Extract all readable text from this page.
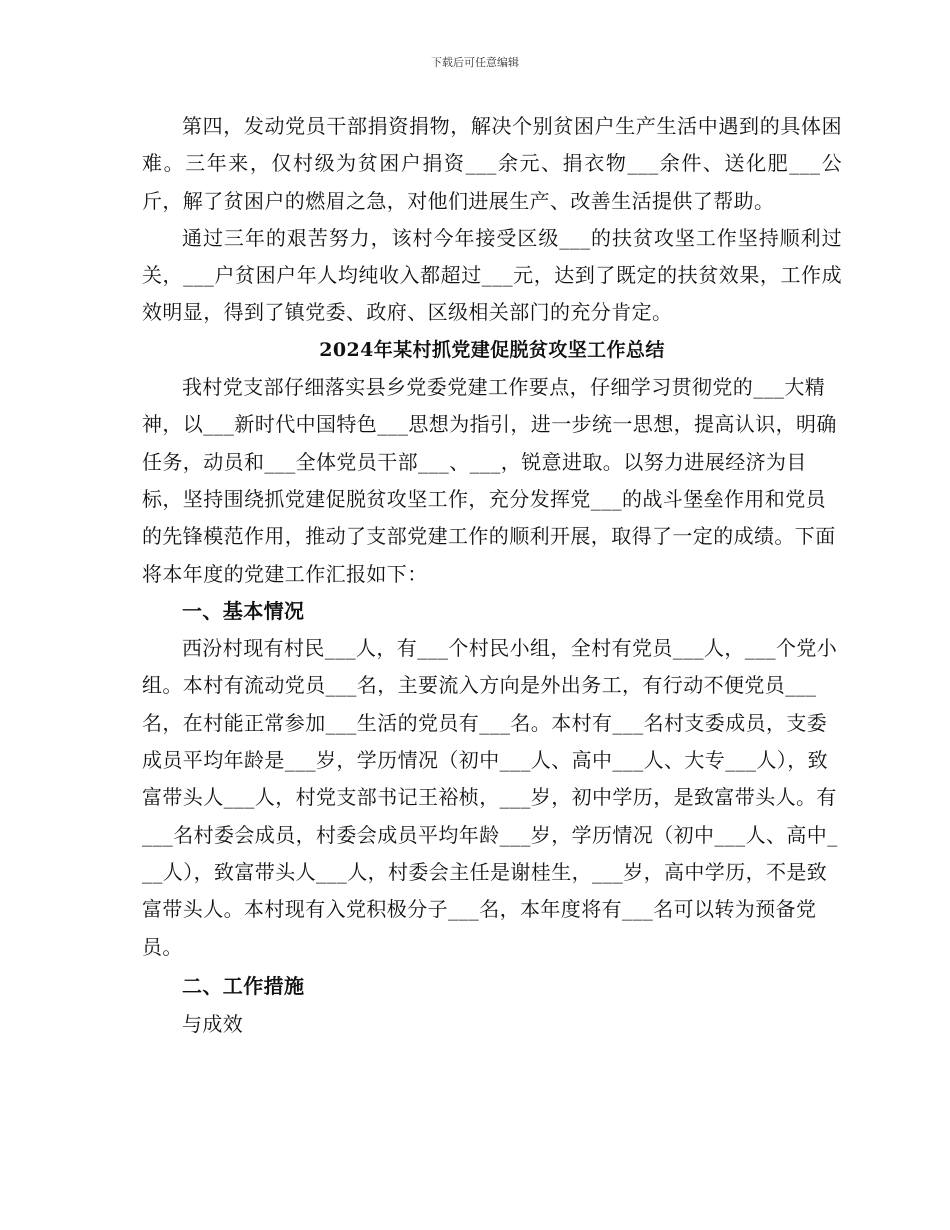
下载后可任意编辑

第四，发动党员干部捐资捐物，解决个别贫困户生产生活中遇到的具体困难。三年来，仅村级为贫困户捐资___余元、捐衣物___余件、送化肥___公斤，解了贫困户的燃眉之急，对他们进展生产、改善生活提供了帮助。

通过三年的艰苦努力，该村今年接受区级___的扶贫攻坚工作坚持顺利过关，___户贫困户年人均纯收入都超过___元，达到了既定的扶贫效果，工作成效明显，得到了镇党委、政府、区级相关部门的充分肯定。

2024年某村抓党建促脱贫攻坚工作总结

我村党支部仔细落实县乡党委党建工作要点，仔细学习贯彻党的___大精神，以___新时代中国特色___思想为指引，进一步统一思想，提高认识，明确任务，动员和___全体党员干部___、___，锐意进取。以努力进展经济为目标，坚持围绕抓党建促脱贫攻坚工作，充分发挥党___的战斗堡垒作用和党员的先锋模范作用，推动了支部党建工作的顺利开展，取得了一定的成绩。下面将本年度的党建工作汇报如下：

一、基本情况

西汾村现有村民___人，有___个村民小组，全村有党员___人，___个党小组。本村有流动党员___名，主要流入方向是外出务工，有行动不便党员___名，在村能正常参加___生活的党员有___名。本村有___名村支委成员，支委成员平均年龄是___岁，学历情况（初中___人、高中___人、大专___人），致富带头人___人，村党支部书记王裕桢，___岁，初中学历，是致富带头人。有___名村委会成员，村委会成员平均年龄___岁，学历情况（初中___人、高中___人），致富带头人___人，村委会主任是谢桂生，___岁，高中学历，不是致富带头人。本村现有入党积极分子___名，本年度将有___名可以转为预备党员。

二、工作措施

与成效
